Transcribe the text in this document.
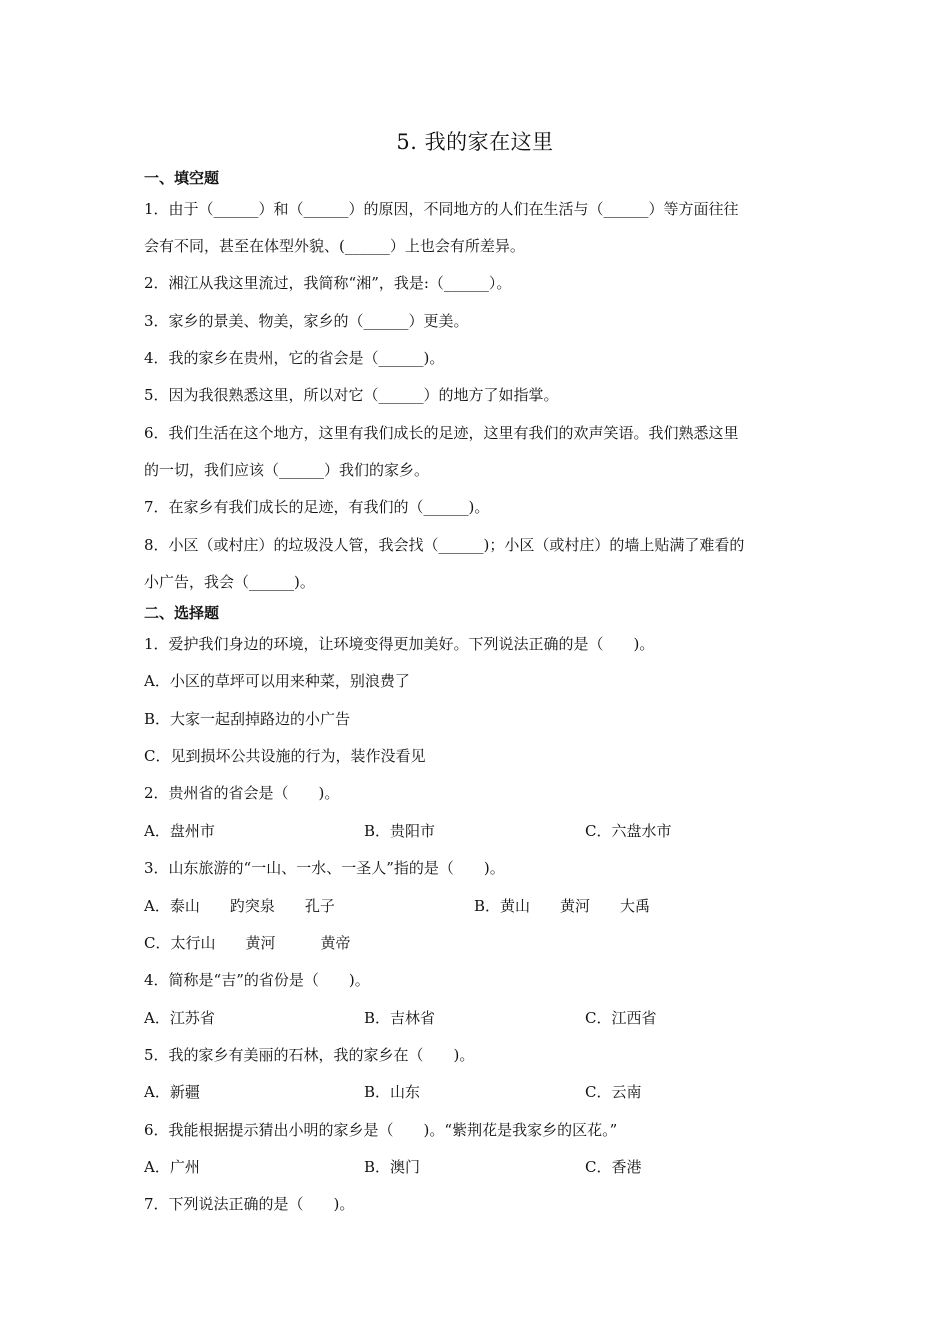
5. 我的家在这里
一、填空题
1．由于（______）和（______）的原因，不同地方的人们在生活与（______）等方面往往
会有不同，甚至在体型外貌、(______）上也会有所差异。
2．湘江从我这里流过，我简称“湘”，我是:（______）。
3．家乡的景美、物美，家乡的（______）更美。
4．我的家乡在贵州，它的省会是（______)。
5．因为我很熟悉这里，所以对它（______）的地方了如指掌。
6．我们生活在这个地方，这里有我们成长的足迹，这里有我们的欢声笑语。我们熟悉这里
的一切，我们应该（______）我们的家乡。
7．在家乡有我们成长的足迹，有我们的（______)。
8．小区（或村庄）的垃圾没人管，我会找（______)；小区（或村庄）的墙上贴满了难看的
小广告，我会（______)。
二、选择题
1．爱护我们身边的环境，让环境变得更加美好。下列说法正确的是（　　)。
A．小区的草坪可以用来种菜，别浪费了
B．大家一起刮掉路边的小广告
C．见到损坏公共设施的行为，装作没看见
2．贵州省的省会是（　　)。
A．盘州市	B．贵阳市	C．六盘水市
3．山东旅游的“一山、一水、一圣人”指的是（　　)。
A．泰山　　趵突泉　　孔子	B．黄山　　黄河　　大禹
C．太行山　　黄河　　　黄帝
4．简称是“吉”的省份是（　　)。
A．江苏省	B．吉林省	C．江西省
5．我的家乡有美丽的石林，我的家乡在（　　)。
A．新疆	B．山东	C．云南
6．我能根据提示猜出小明的家乡是（　　)。“紫荆花是我家乡的区花。”
A．广州	B．澳门	C．香港
7．下列说法正确的是（　　)。
